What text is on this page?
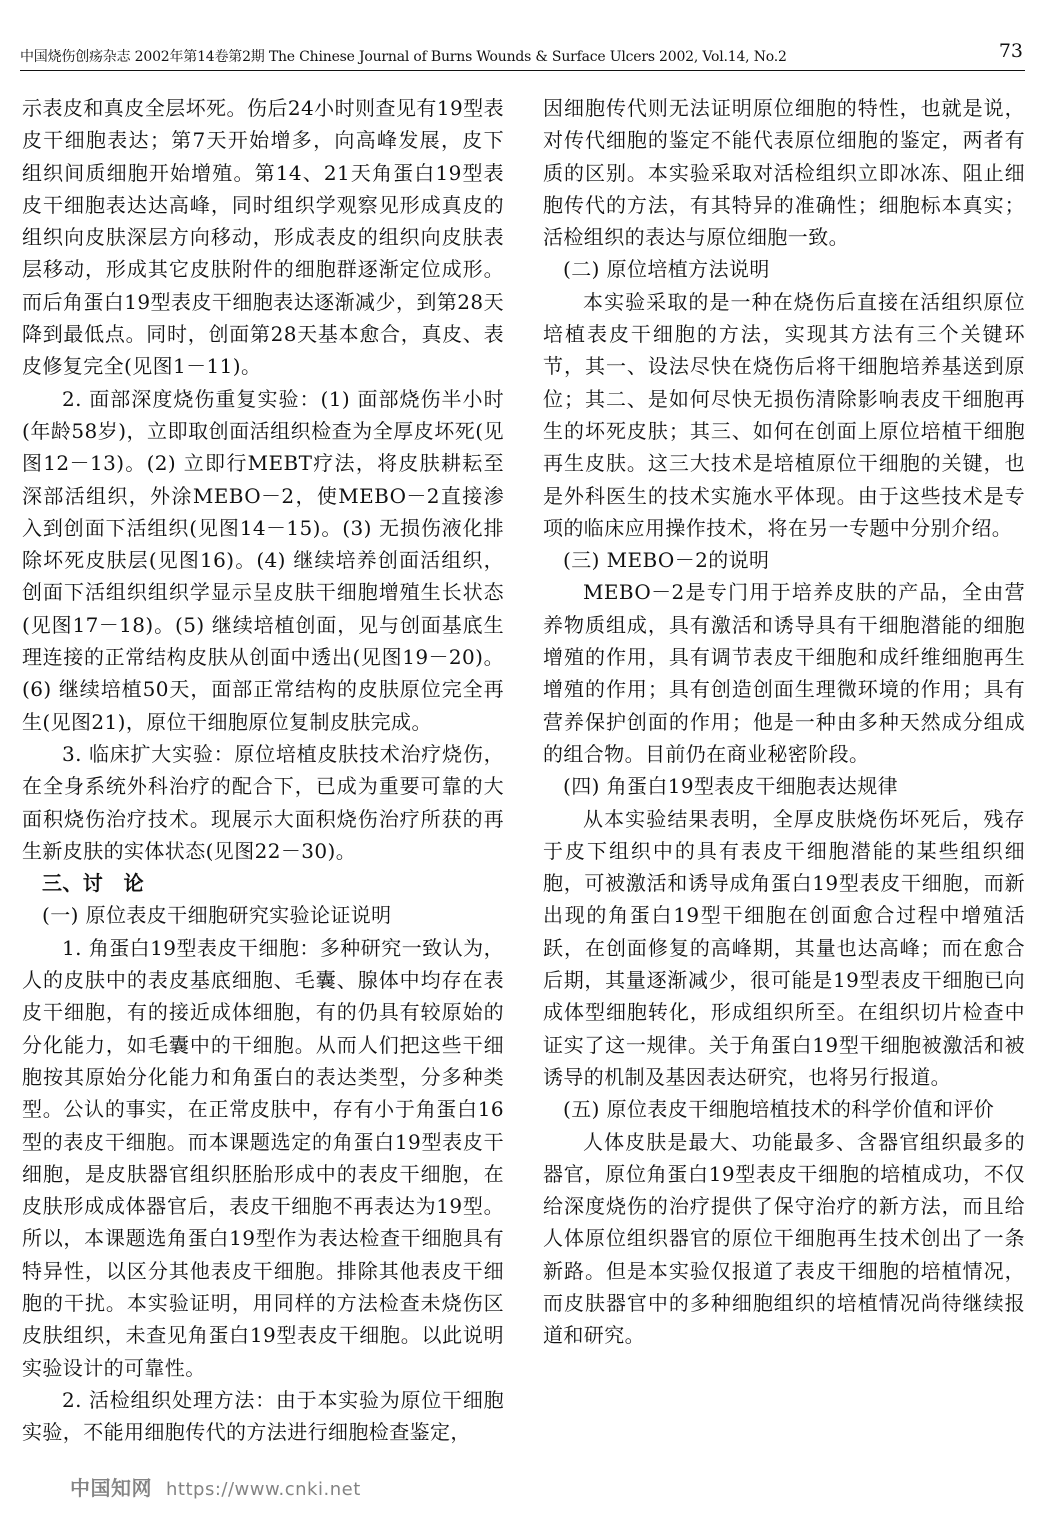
中国烧伤创疡杂志 2002年第14卷第2期 The Chinese Journal of Burns Wounds & Surface Ulcers 2002, Vol.14, No.2	73

示表皮和真皮全层坏死。伤后24小时则查见有19型表皮干细胞表达；第7天开始增多，向高峰发展，皮下组织间质细胞开始增殖。第14、21天角蛋白19型表皮干细胞表达达高峰，同时组织学观察见形成真皮的组织向皮肤深层方向移动，形成表皮的组织向皮肤表层移动，形成其它皮肤附件的细胞群逐渐定位成形。而后角蛋白19型表皮干细胞表达逐渐减少，到第28天降到最低点。同时，创面第28天基本愈合，真皮、表皮修复完全(见图1－11)。

2. 面部深度烧伤重复实验：(1) 面部烧伤半小时(年龄58岁)，立即取创面活组织检查为全厚皮坏死(见图12－13)。(2) 立即行MEBT疗法，将皮肤耕耘至深部活组织，外涂MEBO－2，使MEBO－2直接渗入到创面下活组织(见图14－15)。(3) 无损伤液化排除坏死皮肤层(见图16)。(4) 继续培养创面活组织，创面下活组织组织学显示呈皮肤干细胞增殖生长状态(见图17－18)。(5) 继续培植创面，见与创面基底生理连接的正常结构皮肤从创面中透出(见图19－20)。(6) 继续培植50天，面部正常结构的皮肤原位完全再生(见图21)，原位干细胞原位复制皮肤完成。

3. 临床扩大实验：原位培植皮肤技术治疗烧伤，在全身系统外科治疗的配合下，已成为重要可靠的大面积烧伤治疗技术。现展示大面积烧伤治疗所获的再生新皮肤的实体状态(见图22－30)。

三、讨　论

(一) 原位表皮干细胞研究实验论证说明

1. 角蛋白19型表皮干细胞：多种研究一致认为，人的皮肤中的表皮基底细胞、毛囊、腺体中均存在表皮干细胞，有的接近成体细胞，有的仍具有较原始的分化能力，如毛囊中的干细胞。从而人们把这些干细胞按其原始分化能力和角蛋白的表达类型，分多种类型。公认的事实，在正常皮肤中，存有小于角蛋白16型的表皮干细胞。而本课题选定的角蛋白19型表皮干细胞，是皮肤器官组织胚胎形成中的表皮干细胞，在皮肤形成成体器官后，表皮干细胞不再表达为19型。所以，本课题选角蛋白19型作为表达检查干细胞具有特异性，以区分其他表皮干细胞。排除其他表皮干细胞的干扰。本实验证明，用同样的方法检查未烧伤区皮肤组织，未查见角蛋白19型表皮干细胞。以此说明实验设计的可靠性。

2. 活检组织处理方法：由于本实验为原位干细胞实验，不能用细胞传代的方法进行细胞检查鉴定，

因细胞传代则无法证明原位细胞的特性，也就是说，对传代细胞的鉴定不能代表原位细胞的鉴定，两者有质的区别。本实验采取对活检组织立即冰冻、阻止细胞传代的方法，有其特异的准确性；细胞标本真实；活检组织的表达与原位细胞一致。

(二) 原位培植方法说明

本实验采取的是一种在烧伤后直接在活组织原位培植表皮干细胞的方法，实现其方法有三个关键环节，其一、设法尽快在烧伤后将干细胞培养基送到原位；其二、是如何尽快无损伤清除影响表皮干细胞再生的坏死皮肤；其三、如何在创面上原位培植干细胞再生皮肤。这三大技术是培植原位干细胞的关键，也是外科医生的技术实施水平体现。由于这些技术是专项的临床应用操作技术，将在另一专题中分别介绍。

(三) MEBO－2的说明

MEBO－2是专门用于培养皮肤的产品，全由营养物质组成，具有激活和诱导具有干细胞潜能的细胞增殖的作用，具有调节表皮干细胞和成纤维细胞再生增殖的作用；具有创造创面生理微环境的作用；具有营养保护创面的作用；他是一种由多种天然成分组成的组合物。目前仍在商业秘密阶段。

(四) 角蛋白19型表皮干细胞表达规律

从本实验结果表明，全厚皮肤烧伤坏死后，残存于皮下组织中的具有表皮干细胞潜能的某些组织细胞，可被激活和诱导成角蛋白19型表皮干细胞，而新出现的角蛋白19型干细胞在创面愈合过程中增殖活跃，在创面修复的高峰期，其量也达高峰；而在愈合后期，其量逐渐减少，很可能是19型表皮干细胞已向成体型细胞转化，形成组织所至。在组织切片检查中证实了这一规律。关于角蛋白19型干细胞被激活和被诱导的机制及基因表达研究，也将另行报道。

(五) 原位表皮干细胞培植技术的科学价值和评价

人体皮肤是最大、功能最多、含器官组织最多的器官，原位角蛋白19型表皮干细胞的培植成功，不仅给深度烧伤的治疗提供了保守治疗的新方法，而且给人体原位组织器官的原位干细胞再生技术创出了一条新路。但是本实验仅报道了表皮干细胞的培植情况，而皮肤器官中的多种细胞组织的培植情况尚待继续报道和研究。

中国知网 https://www.cnki.net
